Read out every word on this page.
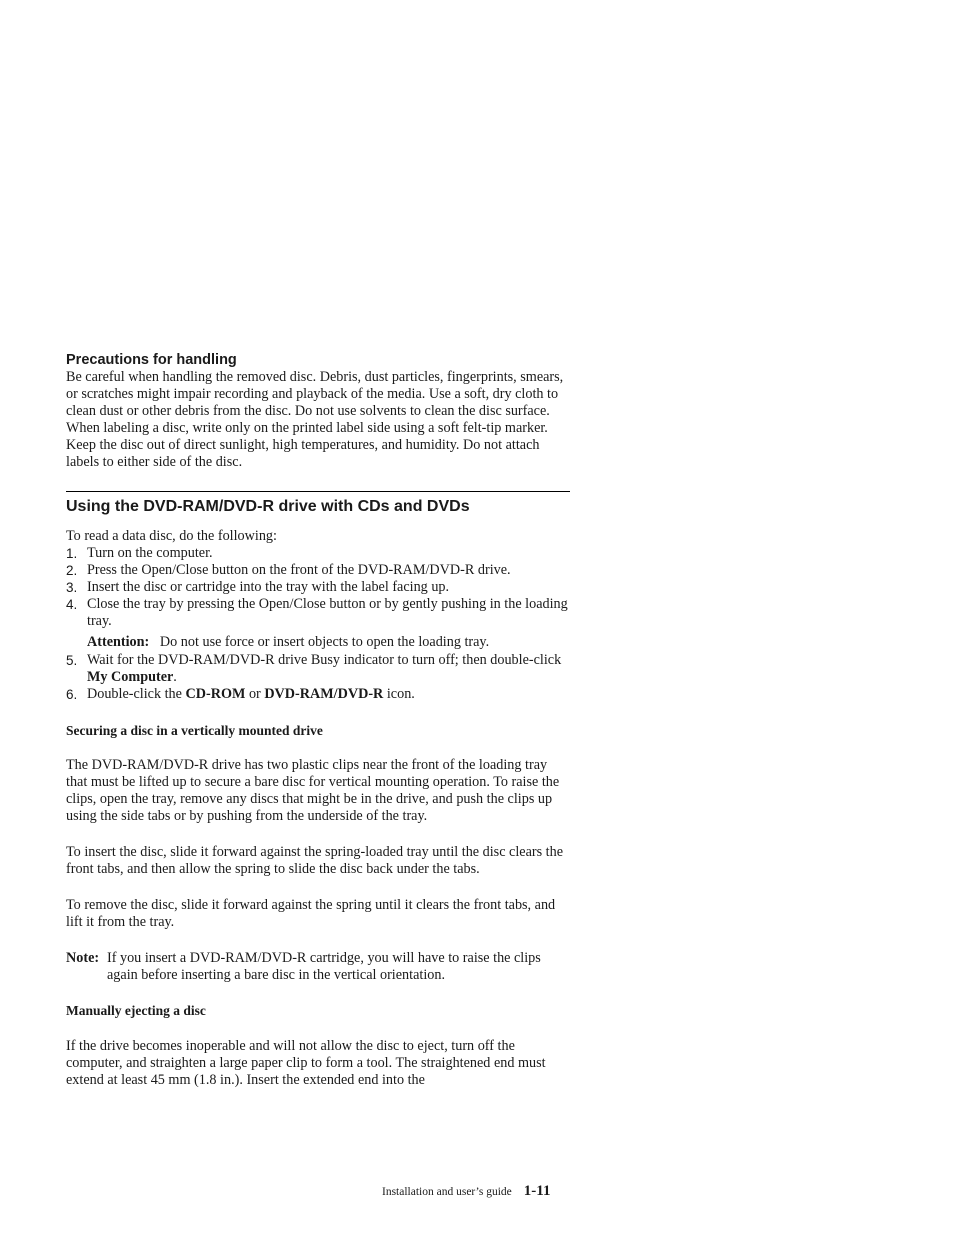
Precautions for handling

Be careful when handling the removed disc. Debris, dust particles, fingerprints, smears, or scratches might impair recording and playback of the media. Use a soft, dry cloth to clean dust or other debris from the disc. Do not use solvents to clean the disc surface. When labeling a disc, write only on the printed label side using a soft felt-tip marker. Keep the disc out of direct sunlight, high temperatures, and humidity. Do not attach labels to either side of the disc.

Using the DVD-RAM/DVD-R drive with CDs and DVDs

To read a data disc, do the following:

1. Turn on the computer.
2. Press the Open/Close button on the front of the DVD-RAM/DVD-R drive.
3. Insert the disc or cartridge into the tray with the label facing up.
4. Close the tray by pressing the Open/Close button or by gently pushing in the loading tray.

Attention: Do not use force or insert objects to open the loading tray.

5. Wait for the DVD-RAM/DVD-R drive Busy indicator to turn off; then double-click My Computer.
6. Double-click the CD-ROM or DVD-RAM/DVD-R icon.
Securing a disc in a vertically mounted drive

The DVD-RAM/DVD-R drive has two plastic clips near the front of the loading tray that must be lifted up to secure a bare disc for vertical mounting operation. To raise the clips, open the tray, remove any discs that might be in the drive, and push the clips up using the side tabs or by pushing from the underside of the tray.

To insert the disc, slide it forward against the spring-loaded tray until the disc clears the front tabs, and then allow the spring to slide the disc back under the tabs.

To remove the disc, slide it forward against the spring until it clears the front tabs, and lift it from the tray.

Note: If you insert a DVD-RAM/DVD-R cartridge, you will have to raise the clips again before inserting a bare disc in the vertical orientation.

Manually ejecting a disc

If the drive becomes inoperable and will not allow the disc to eject, turn off the computer, and straighten a large paper clip to form a tool. The straightened end must extend at least 45 mm (1.8 in.). Insert the extended end into the

Installation and user’s guide 1-11
